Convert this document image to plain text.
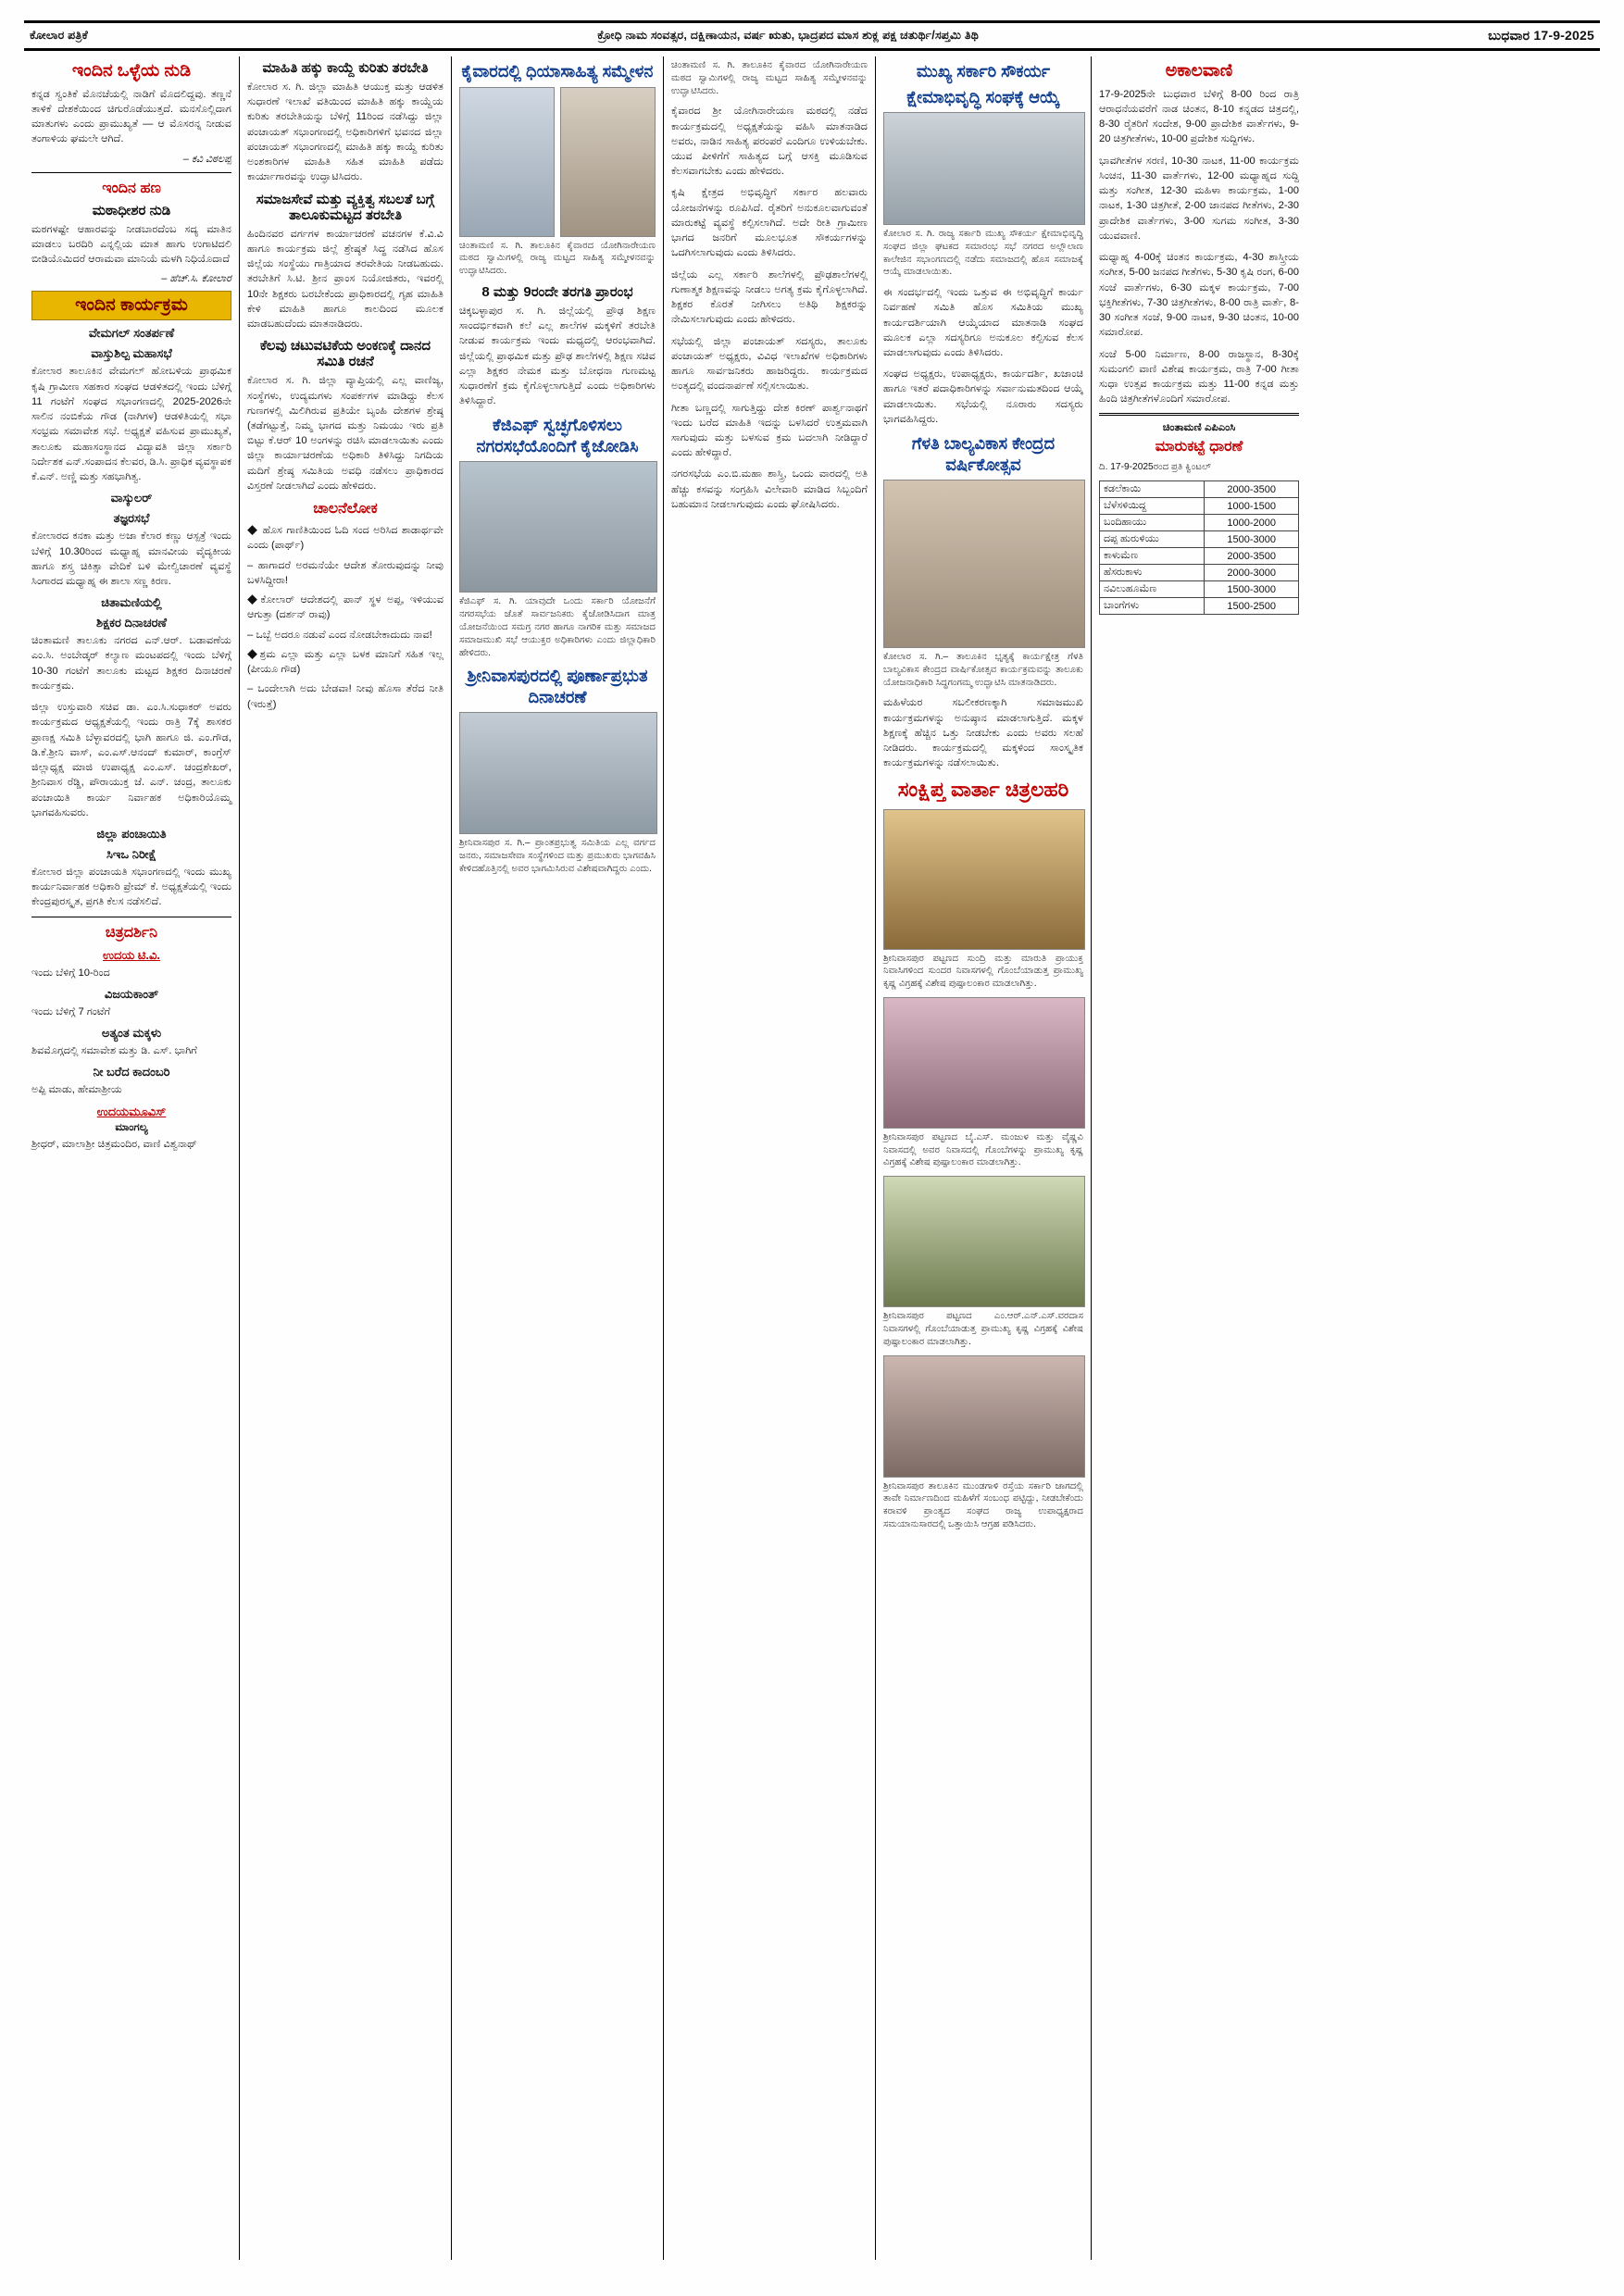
ಕೋಲಾರ ಪತ್ರಿಕೆ	ಕ್ರೋಧಿ ನಾಮ ಸಂವತ್ಸರ, ದಕ್ಷಿಣಾಯನ, ವರ್ಷ ಋತು, ಭಾದ್ರಪದ ಮಾಸ ಶುಕ್ಲ ಪಕ್ಷ ಚತುರ್ಥಿ/ಸಪ್ತಮಿ ತಿಥಿ	ಬುಧವಾರ 17-9-2025
ಇಂದಿನ ಒಳ್ಳೆಯ ನುಡಿ

ಕನ್ನಡ ಸ್ವಂತಿಕೆ ಮೊನಚೆಯಲ್ಲಿ ನಾಡಿಗೆ ಮೊದಲಿದ್ದವು. ತಣ್ಣನೆ ತಾಳಿಕೆ ದೇಶಕೆಯಿಂದ ಚಿಗುರೊಡೆಯುತ್ತದೆ. ಮನಸೊಲ್ಲಿದಾಗ ಮಾತುಗಳು ಎಂದು ಪ್ರಾಮುಖ್ಯತೆ — ಆ ಮೊಸರನ್ನ ನೀಡುವ ತಂಗಾಳಿಯ ಘಮಲೇ ಆಗಿದೆ.

– ಕವಿ ವಿಠಲಪ್ಪ
ಇಂದಿನ ಹಣ
ಮಠಾಧೀಶರ ನುಡಿ

ಮಠಗಳಷ್ಟೇ ಆಹಾರವನ್ನು ನೀಡಬಾರದೆಂಬ ಸದ್ಯ ಮಾತಿನ ಮಾಡಲು ಬರದಿರಿ ಎನ್ನಲ್ಲಿಯ ಮಾತ ಹಾಗು ಉಗಾಟಿದಲಿ ಬೀಡಿಯೊಮಿದರೆ ಆರಾಮವಾ ಮಾನಿಯೆ ಮಳಗಿ ನಿಧಿಯೊದಾದೆ

– ಹೆಚ್.ಸಿ. ಕೋಲಾರ
ಇಂದಿನ ಕಾರ್ಯಕ್ರಮ
ವೇಮಗಲ್ ಸಂತರ್ಪಣೆ
ವಾಸ್ತುಶಿಲ್ಪ ಮಹಾಸಭೆ

ಕೋಲಾರ ತಾಲೂಕಿನ ವೇಮಗಲ್ ಹೋಬಳಿಯ ಪ್ರಾಥಮಿಕ ಕೃಷಿ ಗ್ರಾಮೀಣ ಸಹಕಾರ ಸಂಘದ ಆಡಳಿತದಲ್ಲಿ ಇಂದು ಬೆಳಿಗ್ಗೆ 11 ಗಂಟೆಗೆ ಸಂಘದ ಸಭಾಂಗಣದಲ್ಲಿ 2025-2026ನೇ ಸಾಲಿನ ನಂಬಿಕೆಯ ಗೌಡ (ನಾಗಿಗಳ) ಆಡಳಿತಿಯಲ್ಲಿ ಸಭಾ ಸಂಭ್ರಮ ಸಮಾವೇಶ ಸಭೆ. ಅಧ್ಯಕ್ಷತೆ ವಹಿಸುವ ಪ್ರಾಮುಖ್ಯತೆ, ತಾಲೂಕು ಮಹಾಸಂಸ್ಥಾನದ ವಿದ್ಯಾವತಿ ಜಿಲ್ಲಾ ಸರ್ಕಾರಿ ನಿರ್ದೇಶಕ ಎನ್.ಸಂಪಾದನ ಕೆಲವರ, ಡಿ.ಸಿ. ಪ್ರಾಧಿಕ ವ್ಯವಸ್ಥಾಪಕ ಕೆ.ಎನ್. ಅಣ್ಣಿ ಮತ್ತು ಸಹಭಾಗಿತ್ವ.

ವಾಸ್ಕುಲರ್
ತಜ್ಞರಸಭೆ

ಕೋಲಾರದ ಕನಕಾ ಮತ್ತು ಅಜಾ ಕೆಲಾರ ಕಣ್ಣು ಆಸ್ಪತ್ರೆ ಇಂದು ಬೆಳಿಗ್ಗೆ 10.30ರಿಂದ ಮಧ್ಯಾಹ್ನ ಮಾನವೀಯ ವೈದ್ಯಕೀಯ ಹಾಗೂ ಶಸ್ತ್ರ ಚಿಕಿತ್ಸಾ ವೇದಿಕೆ ಬಳಿ ಮೇಲ್ವಿಚಾರಣೆ ವ್ಯವಸ್ಥೆ ಸಿಂಗಾರದ ಮಧ್ಯಾಹ್ನ ಈ ಶಾಲಾ ಸಣ್ಣ ಕಿರಣ.

ಚಿತಾಮಣಿಯಲ್ಲಿ
ಶಿಕ್ಷಕರ ದಿನಾಚರಣೆ

ಚಿಂತಾಮಣಿ ತಾಲೂಕು ನಗರದ ಎನ್.ಆರ್. ಬಡಾವಣೆಯ ಎಂ.ಸಿ. ಅಂಬೇಡ್ಕರ್ ಕಲ್ಯಾಣ ಮಂಟಪದಲ್ಲಿ ಇಂದು ಬೆಳಿಗ್ಗೆ 10-30 ಗಂಟೆಗೆ ತಾಲೂಕು ಮಟ್ಟದ ಶಿಕ್ಷಕರ ದಿನಾಚರಣೆ ಕಾರ್ಯಕ್ರಮ.

ಜಿಲ್ಲಾ ಉಸ್ತುವಾರಿ ಸಚಿವ ಡಾ. ಎಂ.ಸಿ.ಸುಧಾಕರ್ ಅವರು ಕಾರ್ಯಕ್ರಮದ ಆಧ್ಯಕ್ಷತೆಯಲ್ಲಿ ಇಂದು ರಾತ್ರಿ 7ಕ್ಕೆ ಶಾಸಕರ ಪ್ರಾಣಕ್ಷ ಸಮಿತಿ ಬೆಳ್ಳಾವರದಲ್ಲಿ ಭಾಗಿ ಹಾಗೂ ಜಿ. ಎಂ.ಗೌಡ, ಡಿ.ಕೆ.ಶ್ರೀನಿ ವಾಸ್, ಎಂ.ಎಸ್.ಆನಂದ್ ಕುಮಾರ್, ಕಾಂಗ್ರೆಸ್ ಜಿಲ್ಲಾಧ್ಯಕ್ಷ ಮಾಜಿ ಉಪಾಧ್ಯಕ್ಷ ಎಂ.ಎಸ್. ಚಂದ್ರಶೇಖರ್, ಶ್ರೀನಿವಾಸ ರೆಡ್ಡಿ, ಪೌರಾಯುಕ್ತ ಜೆ. ಎನ್. ಚಂದ್ರ, ತಾಲೂಕು ಪಂಚಾಯಿತಿ ಕಾರ್ಯ ನಿರ್ವಾಹಕ ಅಧಿಕಾರಿಯೊಮ್ಮ ಭಾಗವಹಿಸುವರು.

ಜಿಲ್ಲಾ ಪಂಚಾಯಿತಿ
ಸಿಇಒ ನಿರೀಕ್ಷೆ

ಕೋಲಾರ ಜಿಲ್ಲಾ ಪಂಚಾಯತಿ ಸಭಾಂಗಣದಲ್ಲಿ ಇಂದು ಮುಖ್ಯ ಕಾರ್ಯನಿರ್ವಾಹಕ ಅಧಿಕಾರಿ ಪ್ರೇಮ್ ಕೆ. ಅಧ್ಯಕ್ಷತೆಯಲ್ಲಿ ಇಂದು ಕೇಂದ್ರಪುರಸ್ಕೃತ, ಪ್ರಗತಿ ಕೆಲಸ ನಡೆಸಲಿದೆ.

ಚಿತ್ರದರ್ಶಿನಿ
ಉದಯ ಟಿ.ವಿ.

ಇಂದು ಬೆಳಿಗ್ಗೆ 10-ರಿಂದ

ವಿಜಯಕಾಂತ್

ಇಂದು ಬೆಳಿಗ್ಗೆ 7 ಗಂಟೆಗೆ

ಅತ್ಯಂತ ಮಕ್ಕಳು

ಶಿವಮೊಗ್ಗದಲ್ಲಿ ಸಮಾವೇಶ ಮತ್ತು ಡಿ. ಎಸ್. ಭಾಗಿಗೆ

ನೀ ಬರೆದ ಕಾದಂಬರಿ

ಅಪ್ಪಿ ಮಾಡು, ಹೇಮಾಶ್ರೀಯ

ಉದಯಮೂವಿಸ್
ಮಾಂಗಲ್ಯ

ಶ್ರೀಧರ್, ಮಾಲಾಶ್ರೀ ಚಿತ್ರಮಂದಿರ, ವಾಣಿ ವಿಶ್ವನಾಥ್

ಮಾಹಿತಿ ಹಕ್ಕು ಕಾಯ್ದೆ ಕುರಿತು ತರಬೇತಿ

ಕೋಲಾರ ಸ. ಗಿ. ಜಿಲ್ಲಾ ಮಾಹಿತಿ ಆಯುಕ್ತ ಮತ್ತು ಆಡಳಿತ ಸುಧಾರಣೆ ಇಲಾಖೆ ವತಿಯಿಂದ ಮಾಹಿತಿ ಹಕ್ಕು ಕಾಯ್ದೆಯ ಕುರಿತು ತರಬೇತಿಯನ್ನು ಬೆಳಿಗ್ಗೆ 11ರಿಂದ ನಡೆಸಿದ್ದು ಜಿಲ್ಲಾ ಪಂಚಾಯತ್ ಸಭಾಂಗಣದಲ್ಲಿ ಅಧಿಕಾರಿಗಳಿಗೆ ಭವನದ ಜಿಲ್ಲಾ ಪಂಚಾಯತ್ ಸಭಾಂಗಣದಲ್ಲಿ ಮಾಹಿತಿ ಹಕ್ಕು ಕಾಯ್ದೆ ಕುರಿತು ಅಂಶಕಾರಿಗಳ ಮಾಹಿತಿ ಸಹಿತ ಮಾಹಿತಿ ಪಡೆದು ಕಾರ್ಯಾಗಾರವನ್ನು ಉದ್ಘಾಟಿಸಿದರು.

ಸಮಾಜಸೇವೆ ಮತ್ತು ವ್ಯಕ್ತಿತ್ವ ಸಬಲತೆ ಬಗ್ಗೆ ತಾಲೂಕುಮಟ್ಟದ ತರಬೇತಿ

ಹಿಂದಿನವರ ವರ್ಗಗಳ ಕಾರ್ಯಾಚರಣೆ ವಚನಗಳ ಕೆ.ವಿ.ವಿ ಹಾಗೂ ಕಾರ್ಯಕ್ರಮ ಜಿಲ್ಲೆ ಶ್ರೇಷ್ಠತೆ ಸಿದ್ಧ ನಡೆಸಿದ ಹೊಸ ಜಿಲ್ಲೆಯ ಸಂಸ್ಥೆಯು ಗಾತ್ರಿಯಾದ ತರವೇತಿಯ ನೀಡಬಹುದು. ತರಬೇತಿಗೆ ಸಿ.ಟಿ. ಶ್ರೀನ ಪ್ರಾಂಸ ನಿಯೋಜಿತರು, ಇವರಲ್ಲಿ 10ನೇ ಶಿಕ್ಷಕರು ಬರಬೇಕೆಂದು ಪ್ರಾಧಿಕಾರದಲ್ಲಿ ಗೃಹ ಮಾಹಿತಿ ಕೇಳಿ ಮಾಹಿತಿ ಹಾಗೂ ಕಾಲದಿಂದ ಮೂಲಕ ಮಾಡಬಹುದೆಂದು ಮಾತನಾಡಿದರು.

ಕೆಲವು ಚಟುವಟಿಕೆಯ ಅಂಕಣಕ್ಕೆ ದಾನದ ಸಮಿತಿ ರಚನೆ

ಕೋಲಾರ ಸ. ಗಿ. ಜಿಲ್ಲಾ ವ್ಯಾಪ್ತಿಯಲ್ಲಿ ಎಲ್ಲ ವಾಣಿಜ್ಯ, ಸಂಸ್ಥೆಗಳು, ಉದ್ಯಮಗಳು ಸಂಪರ್ಕಗಳ ಮಾಡಿದ್ದು ಕೆಲಸ ಗುಣಗಳಲ್ಲಿ ಮಿಲಿಗಿರುವ ಪ್ರತಿಯೇ ಬೃಂಹಿ ದೇಶಗಳ ಶ್ರೇಷ್ಠ (ತಡೆಗಟ್ಟುತ್ತೆ, ನಿಮ್ಮ ಭಾಗದ ಮತ್ತು ನಿಮಯು ಇರು ಪ್ರತಿ ಬಿಟ್ಟು ಕೆ.ಆರ್ 10 ಅಂಗಳನ್ನು ರಚಿಸಿ ಮಾಡಲಾಯಿತು ಎಂದು ಜಿಲ್ಲಾ ಕಾರ್ಯಾಚರಣೆಯ ಅಧಿಕಾರಿ ತಿಳಿಸಿದ್ದು ನಿಗದಿಯ ಮದಿಗೆ ಶ್ರೇಷ್ಠ ಸಮಿತಿಯ ಅವಧಿ ನಡೆಸಲು ಪ್ರಾಧಿಕಾರದ ವಿಸ್ತರಣೆ ನೀಡಲಾಗಿದೆ ಎಂದು ಹೇಳಿದರು.

ಚಾಲನೆಲೋಕ

◆ ಹೊಸ ಗಾಣಿತಿಯಿಂದ ಓದಿ ಸಂದ ಅರಿಸಿದ ಶಾಡಾರ್ಥವೇ ಎಂದು (ಪಾರ್ಥ್)

– ಹಾಗಾದರೆ ಅರಮನೆಯೇ ಆದೇಶ ತೋರುವುದನ್ನು ನೀವು ಬಳಸಿದ್ದೀರಾ!

◆ಕೋಲಾರ್ ಆದೇಶದಲ್ಲಿ ಪಾನ್ ಸ್ಥಳ ಅಪ್ಪ, ಇಳಿಯುವ ಆಗುತ್ತಾ (ದರ್ಶನ್ ರಾವು)

– ಒಬ್ಬೆ ಅದರೂ ನಡುವೆ ಎಂದ ನೋಡಬೇಕಾದುದು ನಾವ!

◆ಶ್ರಮ ಎಲ್ಲಾ ಮತ್ತು ಎಲ್ಲಾ ಬಳಕ ಮಾನಿಗೆ ಸಹಿತ ಇಲ್ಲ (ಪೀಯೂ ಗೌಡ)

– ಒಂದೇಲಾಗಿ ಅದು ಬೇಡವಾ! ನೀವು ಹೊಸಾ ತೆರೆದ ನೀತಿ (ಇರುತ್ತೆ)

ಕೈವಾರದಲ್ಲಿ ಧಿಯಾಸಾಹಿತ್ಯ ಸಮ್ಮೇಳನ

ಚಿಂತಾಮಣಿ ಸ. ಗಿ. ತಾಲೂಕಿನ ಕೈವಾರದ ಯೋಗಿನಾರೇಯಣ ಮಠದ ಸ್ವಾಮಿಗಳಲ್ಲಿ ರಾಜ್ಯ ಮಟ್ಟದ ಸಾಹಿತ್ಯ ಸಮ್ಮೇಳನವನ್ನು ಉದ್ಘಾಟಿಸಿದರು.

8 ಮತ್ತು 9ರಂದೇ ತರಗತಿ ಪ್ರಾರಂಭ

ಚಿಕ್ಕಬಳ್ಳಾಪುರ ಸ. ಗಿ. ಜಿಲ್ಲೆಯಲ್ಲಿ ಪ್ರೌಢ ಶಿಕ್ಷಣ ಸಾಂದರ್ಭಿಕವಾಗಿ ಕಲೆ ಎಲ್ಲ ಶಾಲೆಗಳ ಮಕ್ಕಳಿಗೆ ತರಬೇತಿ ನೀಡುವ ಕಾರ್ಯಕ್ರಮ ಇಂದು ಮಧ್ಯದಲ್ಲಿ ಆರಂಭವಾಗಿದೆ. ಜಿಲ್ಲೆಯಲ್ಲಿ ಪ್ರಾಥಮಿಕ ಮತ್ತು ಪ್ರೌಢ ಶಾಲೆಗಳಲ್ಲಿ ಶಿಕ್ಷಣ ಸಚಿವ ಎಲ್ಲಾ ಶಿಕ್ಷಕರ ನೇಮಕ ಮತ್ತು ಬೋಧನಾ ಗುಣಮಟ್ಟ ಸುಧಾರಣೆಗೆ ಕ್ರಮ ಕೈಗೊಳ್ಳಲಾಗುತ್ತಿದೆ ಎಂದು ಅಧಿಕಾರಿಗಳು ತಿಳಿಸಿದ್ದಾರೆ.

ಕೆಜಿಎಫ್ ಸ್ವಚ್ಛಗೊಳಿಸಲು ನಗರಸಭೆಯೊಂದಿಗೆ ಕೈಜೋಡಿಸಿ

ಕೆಜಿಎಫ್ ಸ. ಗಿ. ಯಾವುದೇ ಒಂದು ಸರ್ಕಾರಿ ಯೋಜನೆಗೆ ನಗರಸಭೆಯ ಜೊತೆ ಸಾರ್ವಜನಿಕರು ಕೈಜೋಡಿಸಿದಾಗ ಮಾತ್ರ ಯೋಜನೆಯಿಂದ ಸಮಗ್ರ ನಗರ ಹಾಗೂ ನಾಗರಿಕ ಮತ್ತು ಸಮಾಜದ ಸಮಾಜಮುಖಿ ಸಭೆ ಆಯುಕ್ತರ ಅಧಿಕಾರಿಗಳು ಎಂದು ಜಿಲ್ಲಾಧಿಕಾರಿ ಹೇಳಿದರು.

ಶ್ರೀನಿವಾಸಪುರದಲ್ಲಿ ಪೂರ್ಣಾಪ್ರಭುತ ದಿನಾಚರಣೆ

ಶ್ರೀನಿವಾಸಪುರ ಸ. ಗಿ.– ಪ್ರಾಂತಪ್ರಭುತ್ವ ಸಮಿತಿಯ ಎಲ್ಲ ವರ್ಗದ ಜನರು, ಸಮಾಜಸೇವಾ ಸಂಸ್ಥೆಗಳಿಂದ ಮತ್ತು ಪ್ರಮುಖರು ಭಾಗವಹಿಸಿ ಕೇಳಿದಹೊತ್ತಿನಲ್ಲಿ ಅವರ ಭಾಗಮಿಸಿರುವ ವಿಶೇಷವಾಗಿದ್ದರು ಎಂದು.

ಚಿಂತಾಮಣಿ ಸ. ಗಿ. ತಾಲೂಕಿನ ಕೈವಾರದ ಯೋಗಿನಾರೇಯಣ ಮಠದ ಸ್ವಾಮಿಗಳಲ್ಲಿ ರಾಜ್ಯ ಮಟ್ಟದ ಸಾಹಿತ್ಯ ಸಮ್ಮೇಳನವನ್ನು ಉದ್ಘಾಟಿಸಿದರು.

ಕೈವಾರದ ಶ್ರೀ ಯೋಗಿನಾರೇಯಣ ಮಠದಲ್ಲಿ ನಡೆದ ಕಾರ್ಯಕ್ರಮದಲ್ಲಿ ಅಧ್ಯಕ್ಷತೆಯನ್ನು ವಹಿಸಿ ಮಾತನಾಡಿದ ಅವರು, ನಾಡಿನ ಸಾಹಿತ್ಯ ಪರಂಪರೆ ಎಂದಿಗೂ ಉಳಿಯಬೇಕು. ಯುವ ಪೀಳಿಗೆಗೆ ಸಾಹಿತ್ಯದ ಬಗ್ಗೆ ಆಸಕ್ತಿ ಮೂಡಿಸುವ ಕೆಲಸವಾಗಬೇಕು ಎಂದು ಹೇಳಿದರು.

ಕೃಷಿ ಕ್ಷೇತ್ರದ ಅಭಿವೃದ್ಧಿಗೆ ಸರ್ಕಾರ ಹಲವಾರು ಯೋಜನೆಗಳನ್ನು ರೂಪಿಸಿದೆ. ರೈತರಿಗೆ ಅನುಕೂಲವಾಗುವಂತೆ ಮಾರುಕಟ್ಟೆ ವ್ಯವಸ್ಥೆ ಕಲ್ಪಿಸಲಾಗಿದೆ. ಅದೇ ರೀತಿ ಗ್ರಾಮೀಣ ಭಾಗದ ಜನರಿಗೆ ಮೂಲಭೂತ ಸೌಕರ್ಯಗಳನ್ನು ಒದಗಿಸಲಾಗುವುದು ಎಂದು ತಿಳಿಸಿದರು.

ಜಿಲ್ಲೆಯ ಎಲ್ಲ ಸರ್ಕಾರಿ ಶಾಲೆಗಳಲ್ಲಿ ಪ್ರೌಢಶಾಲೆಗಳಲ್ಲಿ ಗುಣಾತ್ಮಕ ಶಿಕ್ಷಣವನ್ನು ನೀಡಲು ಅಗತ್ಯ ಕ್ರಮ ಕೈಗೊಳ್ಳಲಾಗಿದೆ. ಶಿಕ್ಷಕರ ಕೊರತೆ ನೀಗಿಸಲು ಅತಿಥಿ ಶಿಕ್ಷಕರನ್ನು ನೇಮಿಸಲಾಗುವುದು ಎಂದು ಹೇಳಿದರು.

ಸಭೆಯಲ್ಲಿ ಜಿಲ್ಲಾ ಪಂಚಾಯತ್ ಸದಸ್ಯರು, ತಾಲೂಕು ಪಂಚಾಯತ್ ಅಧ್ಯಕ್ಷರು, ವಿವಿಧ ಇಲಾಖೆಗಳ ಅಧಿಕಾರಿಗಳು ಹಾಗೂ ಸಾರ್ವಜನಿಕರು ಹಾಜರಿದ್ದರು. ಕಾರ್ಯಕ್ರಮದ ಅಂತ್ಯದಲ್ಲಿ ವಂದನಾರ್ಪಣೆ ಸಲ್ಲಿಸಲಾಯಿತು.

ಗೀತಾ ಬಣ್ಣದಲ್ಲಿ ಸಾಗುತ್ತಿದ್ದು ದೇಶ ಕಿರಣ್ ಪಾರ್ಶ್ವನಾಥಗೆ ಇಂದು ಬರೆದ ಮಾಹಿತಿ ಇದನ್ನು ಬಳಸಿದರೆ ಉತ್ತಮವಾಗಿ ಸಾಗುವುದು ಮತ್ತು ಬಳಸುವ ಕ್ರಮ ಬದಲಾಗಿ ನೀಡಿದ್ದಾರೆ ಎಂದು ಹೇಳಿದ್ದಾರೆ.

ನಗರಸಭೆಯ ಎಂ.ಬಿ.ಮಹಾ ಶಾಸ್ತ್ರಿ, ಒಂದು ವಾರದಲ್ಲಿ ಅತಿ ಹೆಚ್ಚು ಕಸವನ್ನು ಸಂಗ್ರಹಿಸಿ ವಿಲೇವಾರಿ ಮಾಡಿದ ಸಿಬ್ಬಂದಿಗೆ ಬಹುಮಾನ ನೀಡಲಾಗುವುದು ಎಂದು ಘೋಷಿಸಿದರು.

ಮುಖ್ಯ ಸರ್ಕಾರಿ ಸೌಕರ್ಯ
ಕ್ಷೇಮಾಭಿವೃದ್ಧಿ ಸಂಘಕ್ಕೆ ಆಯ್ಕೆ

ಕೋಲಾರ ಸ. ಗಿ. ರಾಜ್ಯ ಸರ್ಕಾರಿ ಮುಖ್ಯ ಸೌಕರ್ಯ ಕ್ಷೇಮಾಭಿವೃದ್ಧಿ ಸಂಘದ ಜಿಲ್ಲಾ ಘಟಕದ ಸಮಾರಂಭ ಸಭೆ ನಗರದ ಅಲ್ಲೌಲಾಣ ಕಾಲೇಜಿನ ಸಭಾಂಗಣದಲ್ಲಿ ನಡೆದು ಸಮಾಜದಲ್ಲಿ ಹೊಸ ಸಮಾಜಕ್ಕೆ ಆಯ್ಕೆ ಮಾಡಲಾಯಿತು.

ಈ ಸಂದರ್ಭದಲ್ಲಿ ಇಂದು ಒತ್ತುವ ಈ ಅಭಿವೃದ್ಧಿಗೆ ಕಾರ್ಯ ನಿರ್ವಹಣೆ ಸಮಿತಿ ಹೊಸ ಸಮಿತಿಯ ಮುಖ್ಯ ಕಾರ್ಯದರ್ಶಿಯಾಗಿ ಆಯ್ಕೆಯಾದ ಮಾತನಾಡಿ ಸಂಘದ ಮೂಲಕ ಎಲ್ಲಾ ಸದಸ್ಯರಿಗೂ ಅನುಕೂಲ ಕಲ್ಪಿಸುವ ಕೆಲಸ ಮಾಡಲಾಗುವುದು ಎಂದು ತಿಳಿಸಿದರು.

ಸಂಘದ ಅಧ್ಯಕ್ಷರು, ಉಪಾಧ್ಯಕ್ಷರು, ಕಾರ್ಯದರ್ಶಿ, ಖಜಾಂಚಿ ಹಾಗೂ ಇತರೆ ಪದಾಧಿಕಾರಿಗಳನ್ನು ಸರ್ವಾನುಮತದಿಂದ ಆಯ್ಕೆ ಮಾಡಲಾಯಿತು. ಸಭೆಯಲ್ಲಿ ನೂರಾರು ಸದಸ್ಯರು ಭಾಗವಹಿಸಿದ್ದರು.

ಗೆಳತಿ ಬಾಲ್ಯವಿಕಾಸ ಕೇಂದ್ರದ ವರ್ಷಿಕೋತ್ಸವ

ಕೋಲಾರ ಸ. ಗಿ.– ತಾಲೂಕಿನ ಭೃತ್ಯಕ್ಕೆ ಕಾರ್ಯಕ್ಷೇತ್ರ ಗೆಳತಿ ಬಾಲ್ಯವಿಕಾಸ ಕೇಂದ್ರದ ವಾರ್ಷಿಕೋತ್ಸವ ಕಾರ್ಯಕ್ರಮವನ್ನು ತಾಲೂಕು ಯೋಜನಾಧಿಕಾರಿ ಸಿದ್ಧಗಂಗಮ್ಮ ಉದ್ಘಾಟಿಸಿ ಮಾತನಾಡಿದರು.

ಮಹಿಳೆಯರ ಸಬಲೀಕರಣಕ್ಕಾಗಿ ಸಮಾಜಮುಖಿ ಕಾರ್ಯಕ್ರಮಗಳನ್ನು ಅನುಷ್ಠಾನ ಮಾಡಲಾಗುತ್ತಿದೆ. ಮಕ್ಕಳ ಶಿಕ್ಷಣಕ್ಕೆ ಹೆಚ್ಚಿನ ಒತ್ತು ನೀಡಬೇಕು ಎಂದು ಅವರು ಸಲಹೆ ನೀಡಿದರು. ಕಾರ್ಯಕ್ರಮದಲ್ಲಿ ಮಕ್ಕಳಿಂದ ಸಾಂಸ್ಕೃತಿಕ ಕಾರ್ಯಕ್ರಮಗಳನ್ನು ನಡೆಸಲಾಯಿತು.

ಸಂಕ್ಷಿಪ್ತ ವಾರ್ತಾ ಚಿತ್ರಲಹರಿ

ಶ್ರೀನಿವಾಸಪುರ ಪಟ್ಟಣದ ಸುಂದ್ರಿ ಮತ್ತು ಮಾರುತಿ ಪ್ರಾಯುಕ್ತ ನಿವಾಸಿಗಳಿಂದ ಸುಂದರ ನಿವಾಸಗಳಲ್ಲಿ ಗೊಂಬೆಯಾಡುತ್ತ ಪ್ರಾಮುಖ್ಯ ಕೃಷ್ಣ ವಿಗ್ರಹಕ್ಕೆ ವಿಶೇಷ ಪುಷ್ಪಾಲಂಕಾರ ಮಾಡಲಾಗಿತ್ತು.

ಶ್ರೀನಿವಾಸಪುರ ಪಟ್ಟಣದ ಬೈ.ಎಸ್. ಮಂಜುಳ ಮತ್ತು ವೈಷ್ಣವಿ ನಿವಾಸದಲ್ಲಿ ಅವರ ನಿವಾಸದಲ್ಲಿ ಗೊಂಬೆಗಳನ್ನು ಪ್ರಾಮುಖ್ಯ ಕೃಷ್ಣ ವಿಗ್ರಹಕ್ಕೆ ವಿಶೇಷ ಪುಷ್ಪಾಲಂಕಾರ ಮಾಡಲಾಗಿತ್ತು.

ಶ್ರೀನಿವಾಸಪುರ ಪಟ್ಟಣದ ಎಂ.ಆರ್.ಎನ್.ಎಸ್.ವರದಾಸ ನಿವಾಸಗಳಲ್ಲಿ ಗೊಂಬೆಯಾಡುತ್ತ ಪ್ರಾಮುಖ್ಯ ಕೃಷ್ಣ ವಿಗ್ರಹಕ್ಕೆ ವಿಶೇಷ ಪುಷ್ಪಾಲಂಕಾರ ಮಾಡಲಾಗಿತ್ತು.

ಶ್ರೀನಿವಾಸಪುರ ತಾಲೂಕಿನ ಮುಂಡಗಾಳಿ ರಸ್ತೆಯ ಸರ್ಕಾರಿ ಜಾಗದಲ್ಲಿ ತಾವೇ ನಿರ್ಮಾಣದಿಂದ ಮಹಿಳೆಗೆ ಸಂಬಂಧ ಪಟ್ಟಿದ್ದು, ನೀಡಬೇಕೆಂದು ಕರಾವಳಿ ಪ್ರಾಂತ್ಯದ ಸಂಘದ ರಾಜ್ಯ ಉಪಾಧ್ಯಕ್ಷರಾದ ಸಮಯಾನುಸಾರದಲ್ಲಿ ಒತ್ತಾಯಿಸಿ ಆಗ್ರಹ ಪಡಿಸಿದರು.

ಅಕಾಲವಾಣಿ

17-9-2025ನೇ ಬುಧವಾರ ಬೆಳಿಗ್ಗೆ 8-00 ರಿಂದ ರಾತ್ರಿ ಆರಾಧನೆಯವರೆಗೆ ನಾಡ ಚಿಂತನ, 8-10 ಕನ್ನಡದ ಚಿತ್ರದಲ್ಲಿ, 8-30 ರೈತರಿಗೆ ಸಂದೇಶ, 9-00 ಪ್ರಾದೇಶಿಕ ವಾರ್ತೆಗಳು, 9-20 ಚಿತ್ರಗೀತೆಗಳು, 10-00 ಪ್ರದೇಶಿಕ ಸುದ್ದಿಗಳು.

ಭಾವಗೀತೆಗಳ ಸರಣಿ, 10-30 ನಾಟಕ, 11-00 ಕಾರ್ಯಕ್ರಮ ಸಿಂಚನ, 11-30 ವಾರ್ತೆಗಳು, 12-00 ಮಧ್ಯಾಹ್ನದ ಸುದ್ದಿ ಮತ್ತು ಸಂಗೀತ, 12-30 ಮಹಿಳಾ ಕಾರ್ಯಕ್ರಮ, 1-00 ನಾಟಕ, 1-30 ಚಿತ್ರಗೀತೆ, 2-00 ಜಾನಪದ ಗೀತೆಗಳು, 2-30 ಪ್ರಾದೇಶಿಕ ವಾರ್ತೆಗಳು, 3-00 ಸುಗಮ ಸಂಗೀತ, 3-30 ಯುವವಾಣಿ.

ಮಧ್ಯಾಹ್ನ 4-00ಕ್ಕೆ ಚಿಂತನ ಕಾರ್ಯಕ್ರಮ, 4-30 ಶಾಸ್ತ್ರೀಯ ಸಂಗೀತ, 5-00 ಜನಪದ ಗೀತೆಗಳು, 5-30 ಕೃಷಿ ರಂಗ, 6-00 ಸಂಜೆ ವಾರ್ತೆಗಳು, 6-30 ಮಕ್ಕಳ ಕಾರ್ಯಕ್ರಮ, 7-00 ಭಕ್ತಿಗೀತೆಗಳು, 7-30 ಚಿತ್ರಗೀತೆಗಳು, 8-00 ರಾತ್ರಿ ವಾರ್ತೆ, 8-30 ಸಂಗೀತ ಸಂಜೆ, 9-00 ನಾಟಕ, 9-30 ಚಿಂತನ, 10-00 ಸಮಾರೋಪ.

ಸಂಜೆ 5-00 ನಿರ್ಮಾಣ, 8-00 ರಾಜಸ್ಥಾನ, 8-30ಕ್ಕೆ ಸುಮಂಗಲಿ ವಾಣಿ ವಿಶೇಷ ಕಾರ್ಯಕ್ರಮ, ರಾತ್ರಿ 7-00 ಗೀತಾ ಸುಧಾ ಉತ್ಸವ ಕಾರ್ಯಕ್ರಮ ಮತ್ತು 11-00 ಕನ್ನಡ ಮತ್ತು ಹಿಂದಿ ಚಿತ್ರಗೀತೆಗಳೊಂದಿಗೆ ಸಮಾರೋಪ.

ಚಿಂತಾಮಣಿ ಎಪಿಎಂಸಿ
ಮಾರುಕಟ್ಟೆ ಧಾರಣೆ
ದಿ. 17-9-2025ರಂದ ಪ್ರತಿ ಕ್ವಿಂಟಲ್
ಕಡಲೆಕಾಯಿ	2000-3500
ಬೆಳೆಸಳಿಯಿದ್ದ	1000-1500
ಬಂದಿಹಾಯು	1000-2000
ದಪ್ಪ ಹುರುಳಿಯು	1500-3000
ಕಾಳುಮೆಣ	2000-3500
ಹೆಸರುಕಾಳು	2000-3000
ನವಿಲುಹೂಮೆಣ	1500-3000
ಬಾಂಗೆಗಳು	1500-2500
